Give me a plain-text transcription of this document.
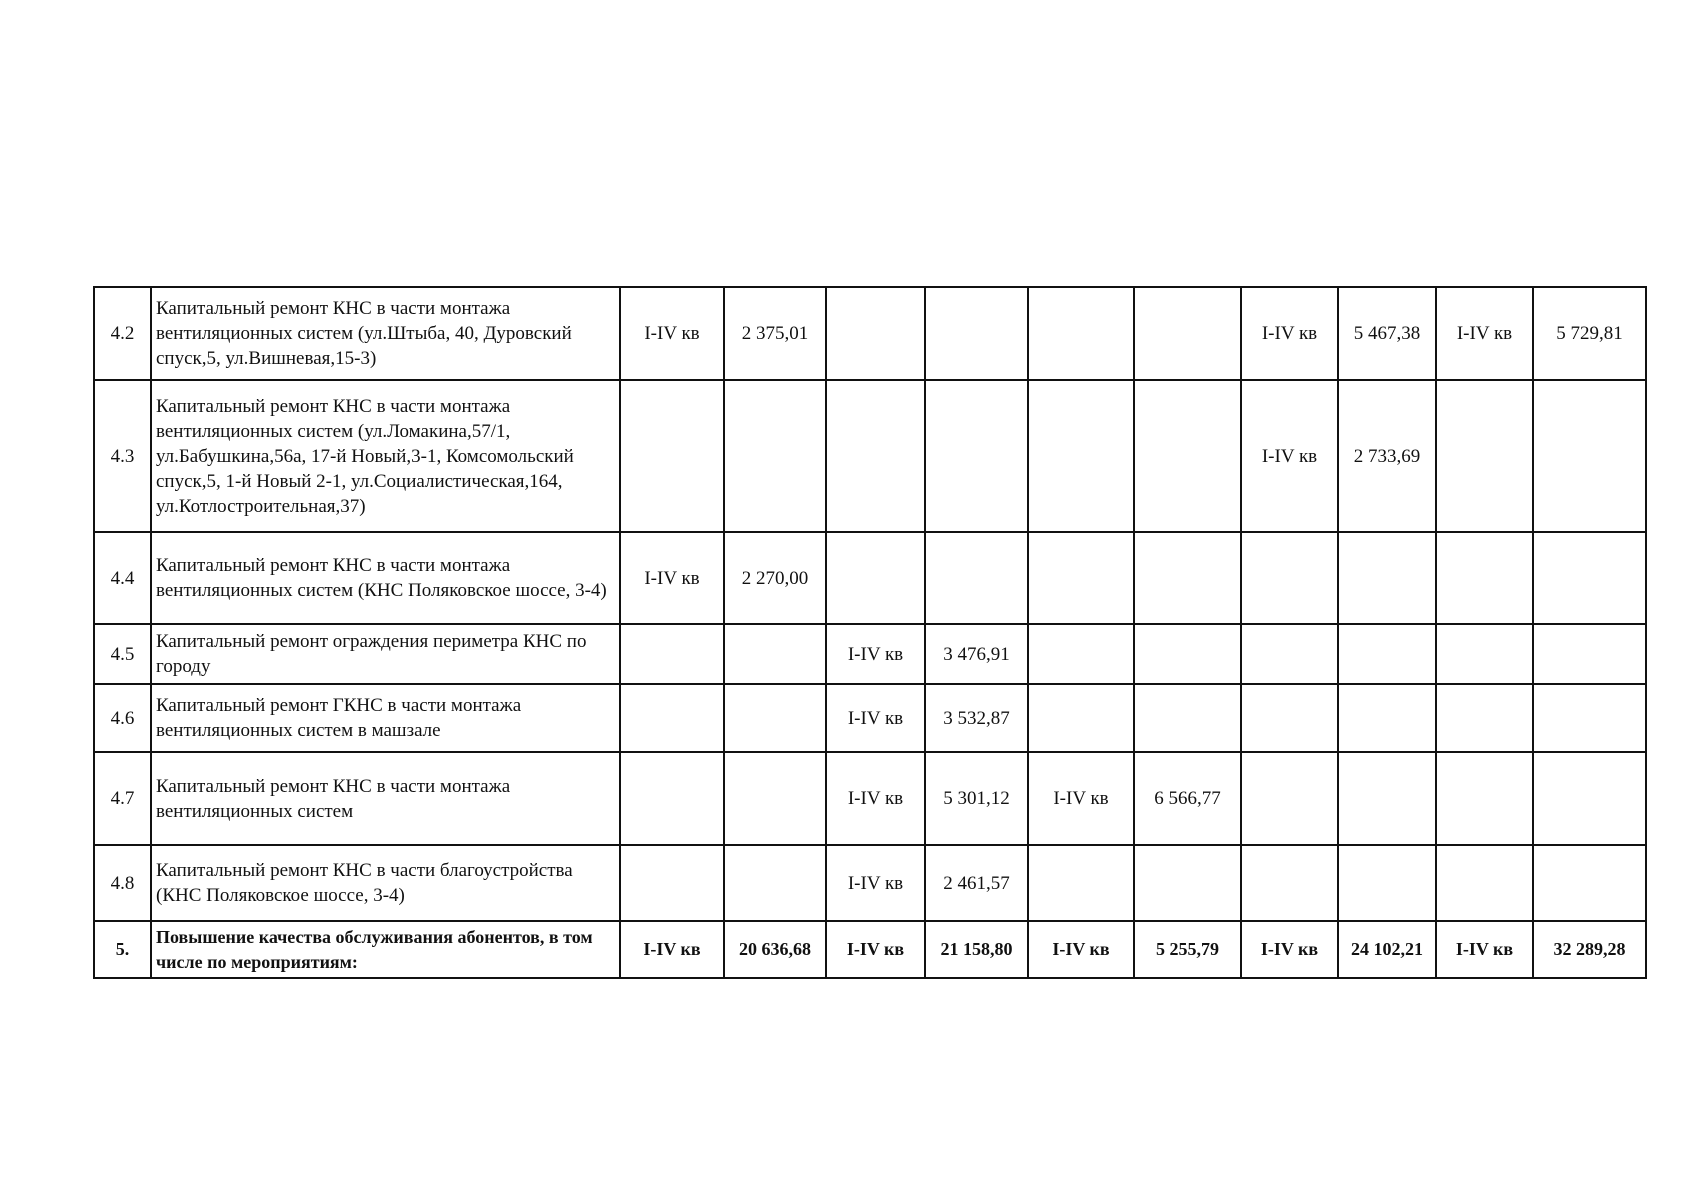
4.2	Капитальный ремонт КНС в части монтажа вентиляционных систем (ул.Штыба, 40, Дуровский спуск,5, ул.Вишневая,15-3)	I-IV кв	2 375,01					I-IV кв	5 467,38	I-IV кв	5 729,81
4.3	Капитальный ремонт КНС в части монтажа вентиляционных систем (ул.Ломакина,57/1, ул.Бабушкина,56а, 17-й Новый,3-1, Комсомольский спуск,5, 1-й Новый 2-1, ул.Социалистическая,164, ул.Котлостроительная,37)							I-IV кв	2 733,69		
4.4	Капитальный ремонт КНС в части монтажа вентиляционных систем (КНС Поляковское шоссе, 3-4)	I-IV кв	2 270,00								
4.5	Капитальный ремонт ограждения периметра КНС по городу			I-IV кв	3 476,91						
4.6	Капитальный ремонт ГКНС в части монтажа вентиляционных систем в машзале			I-IV кв	3 532,87						
4.7	Капитальный ремонт КНС в части монтажа вентиляционных систем			I-IV кв	5 301,12	I-IV кв	6 566,77				
4.8	Капитальный ремонт КНС в части благоустройства (КНС Поляковское шоссе, 3-4)			I-IV кв	2 461,57						
5.	Повышение качества обслуживания абонентов, в том числе по мероприятиям:	I-IV кв	20 636,68	I-IV кв	21 158,80	I-IV кв	5 255,79	I-IV кв	24 102,21	I-IV кв	32 289,28
